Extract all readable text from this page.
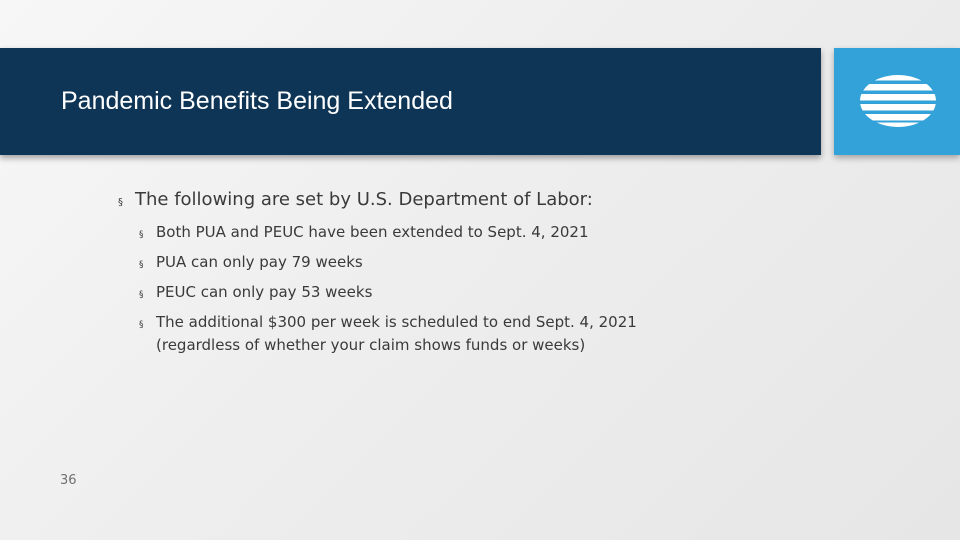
Pandemic Benefits Being Extended
§ The following are set by U.S. Department of Labor:
§ Both PUA and PEUC have been extended to Sept. 4, 2021
§ PUA can only pay 79 weeks
§ PEUC can only pay 53 weeks
§ The additional $300 per week is scheduled to end Sept. 4, 2021
(regardless of whether your claim shows funds or weeks)
36
